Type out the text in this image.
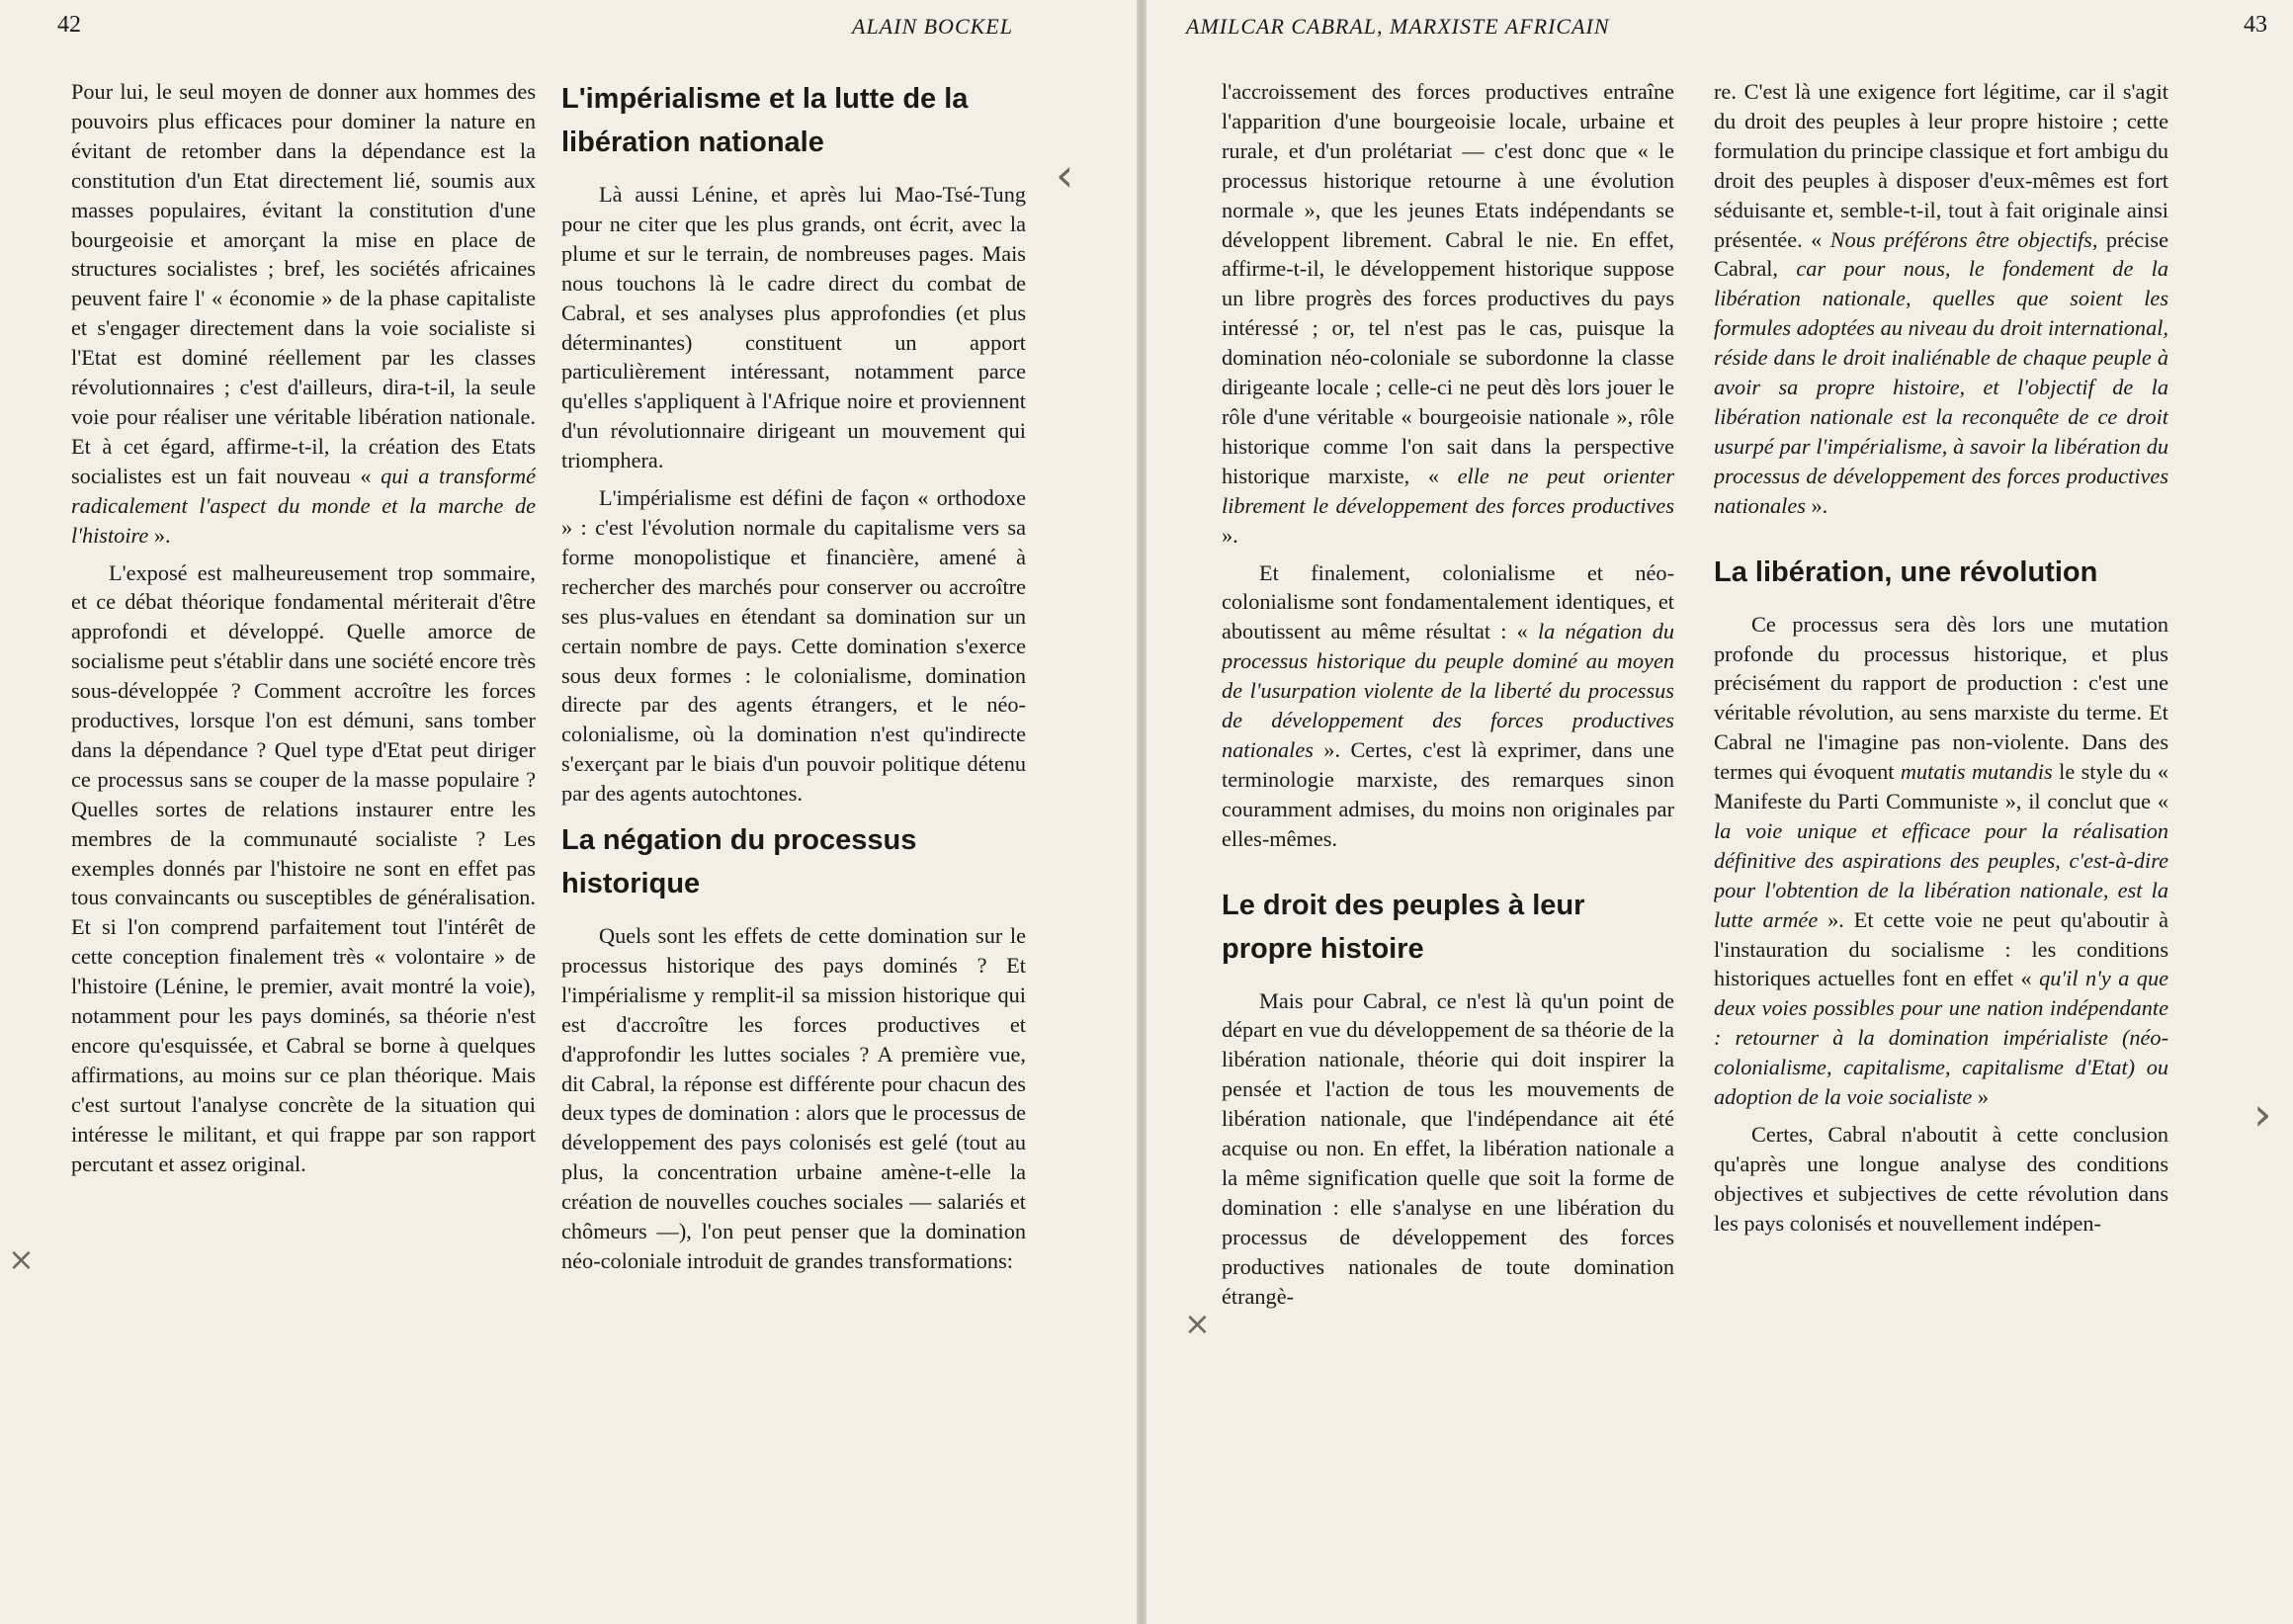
42	ALAIN BOCKEL

Pour lui, le seul moyen de donner aux hommes des pouvoirs plus efficaces pour dominer la nature en évitant de retomber dans la dépendance est la constitution d'un Etat directement lié, soumis aux masses populaires, évitant la constitution d'une bourgeoisie et amorçant la mise en place de structures socialistes ; bref, les sociétés africaines peuvent faire l' « économie » de la phase capitaliste et s'engager directement dans la voie socialiste si l'Etat est dominé réellement par les classes révolutionnaires ; c'est d'ailleurs, dira-t-il, la seule voie pour réaliser une véritable libération nationale. Et à cet égard, affirme-t-il, la création des Etats socialistes est un fait nouveau « qui a transformé radicalement l'aspect du monde et la marche de l'histoire ».

L'exposé est malheureusement trop sommaire, et ce débat théorique fondamental mériterait d'être approfondi et développé. Quelle amorce de socialisme peut s'établir dans une société encore très sous-développée ? Comment accroître les forces productives, lorsque l'on est démuni, sans tomber dans la dépendance ? Quel type d'Etat peut diriger ce processus sans se couper de la masse populaire ? Quelles sortes de relations instaurer entre les membres de la communauté socialiste ? Les exemples donnés par l'histoire ne sont en effet pas tous convaincants ou susceptibles de généralisation. Et si l'on comprend parfaitement tout l'intérêt de cette conception finalement très « volontaire » de l'histoire (Lénine, le premier, avait montré la voie), notamment pour les pays dominés, sa théorie n'est encore qu'esquissée, et Cabral se borne à quelques affirmations, au moins sur ce plan théorique. Mais c'est surtout l'analyse concrète de la situation qui intéresse le militant, et qui frappe par son rapport percutant et assez original.

L'impérialisme et la lutte de la libération nationale

Là aussi Lénine, et après lui Mao-Tsé-Tung pour ne citer que les plus grands, ont écrit, avec la plume et sur le terrain, de nombreuses pages. Mais nous touchons là le cadre direct du combat de Cabral, et ses analyses plus approfondies (et plus déterminantes) constituent un apport particulièrement intéressant, notamment parce qu'elles s'appliquent à l'Afrique noire et proviennent d'un révolutionnaire dirigeant un mouvement qui triomphera.

L'impérialisme est défini de façon « orthodoxe » : c'est l'évolution normale du capitalisme vers sa forme monopolistique et financière, amené à rechercher des marchés pour conserver ou accroître ses plus-values en étendant sa domination sur un certain nombre de pays. Cette domination s'exerce sous deux formes : le colonialisme, domination directe par des agents étrangers, et le néo-colonialisme, où la domination n'est qu'indirecte s'exerçant par le biais d'un pouvoir politique détenu par des agents autochtones.

La négation du processus historique

Quels sont les effets de cette domination sur le processus historique des pays dominés ? Et l'impérialisme y remplit-il sa mission historique qui est d'accroître les forces productives et d'approfondir les luttes sociales ? A première vue, dit Cabral, la réponse est différente pour chacun des deux types de domination : alors que le processus de développement des pays colonisés est gelé (tout au plus, la concentration urbaine amène-t-elle la création de nouvelles couches sociales — salariés et chômeurs —), l'on peut penser que la domination néo-coloniale introduit de grandes transformations:

‹
×
AMILCAR CABRAL, MARXISTE AFRICAIN	43

l'accroissement des forces productives entraîne l'apparition d'une bourgeoisie locale, urbaine et rurale, et d'un prolétariat — c'est donc que « le processus historique retourne à une évolution normale », que les jeunes Etats indépendants se développent librement. Cabral le nie. En effet, affirme-t-il, le développement historique suppose un libre progrès des forces productives du pays intéressé ; or, tel n'est pas le cas, puisque la domination néo-coloniale se subordonne la classe dirigeante locale ; celle-ci ne peut dès lors jouer le rôle d'une véritable « bourgeoisie nationale », rôle historique comme l'on sait dans la perspective historique marxiste, « elle ne peut orienter librement le développement des forces productives ».

Et finalement, colonialisme et néo-colonialisme sont fondamentalement identiques, et aboutissent au même résultat : « la négation du processus historique du peuple dominé au moyen de l'usurpation violente de la liberté du processus de développement des forces productives nationales ». Certes, c'est là exprimer, dans une terminologie marxiste, des remarques sinon couramment admises, du moins non originales par elles-mêmes.

Le droit des peuples à leur propre histoire

Mais pour Cabral, ce n'est là qu'un point de départ en vue du développement de sa théorie de la libération nationale, théorie qui doit inspirer la pensée et l'action de tous les mouvements de libération nationale, que l'indépendance ait été acquise ou non. En effet, la libération nationale a la même signification quelle que soit la forme de domination : elle s'analyse en une libération du processus de développement des forces productives nationales de toute domination étrangè-

re. C'est là une exigence fort légitime, car il s'agit du droit des peuples à leur propre histoire ; cette formulation du principe classique et fort ambigu du droit des peuples à disposer d'eux-mêmes est fort séduisante et, semble-t-il, tout à fait originale ainsi présentée. « Nous préférons être objectifs, précise Cabral, car pour nous, le fondement de la libération nationale, quelles que soient les formules adoptées au niveau du droit international, réside dans le droit inaliénable de chaque peuple à avoir sa propre histoire, et l'objectif de la libération nationale est la reconquête de ce droit usurpé par l'impérialisme, à savoir la libération du processus de développement des forces productives nationales ».

La libération, une révolution

Ce processus sera dès lors une mutation profonde du processus historique, et plus précisément du rapport de production : c'est une véritable révolution, au sens marxiste du terme. Et Cabral ne l'imagine pas non-violente. Dans des termes qui évoquent mutatis mutandis le style du « Manifeste du Parti Communiste », il conclut que « la voie unique et efficace pour la réalisation définitive des aspirations des peuples, c'est-à-dire pour l'obtention de la libération nationale, est la lutte armée ». Et cette voie ne peut qu'aboutir à l'instauration du socialisme : les conditions historiques actuelles font en effet « qu'il n'y a que deux voies possibles pour une nation indépendante : retourner à la domination impérialiste (néo-colonialisme, capitalisme, capitalisme d'Etat) ou adoption de la voie socialiste »

Certes, Cabral n'aboutit à cette conclusion qu'après une longue analyse des conditions objectives et subjectives de cette révolution dans les pays colonisés et nouvellement indépen-

×
›
